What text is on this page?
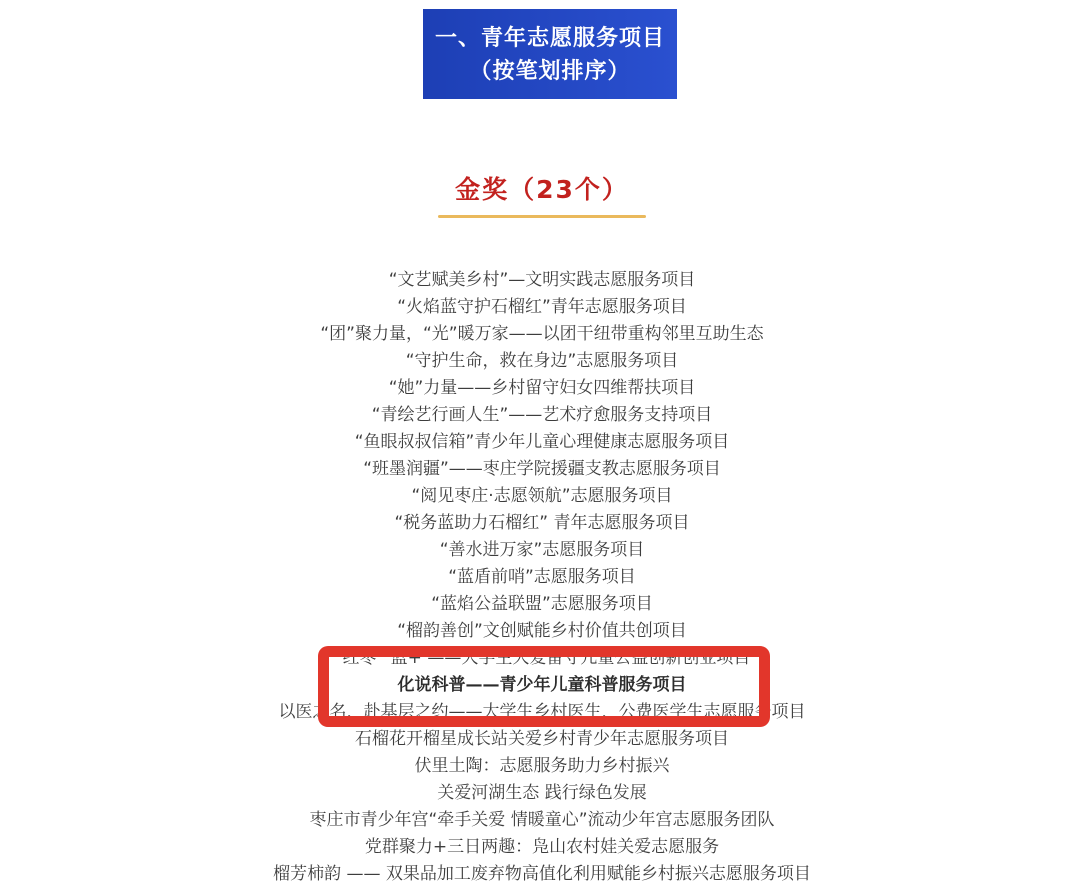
一、青年志愿服务项目
（按笔划排序）
金奖（23个）
“文艺赋美乡村”—文明实践志愿服务项目
“火焰蓝守护石榴红”青年志愿服务项目
“团”聚力量，“光”暖万家——以团干纽带重构邻里互助生态
“守护生命，救在身边”志愿服务项目
“她”力量——乡村留守妇女四维帮扶项目
“青绘艺行画人生”——艺术疗愈服务支持项目
“鱼眼叔叔信箱”青少年儿童心理健康志愿服务项目
“班墨润疆”——枣庄学院援疆支教志愿服务项目
“阅见枣庄·志愿领航”志愿服务项目
“税务蓝助力石榴红” 青年志愿服务项目
“善水进万家”志愿服务项目
“蓝盾前哨”志愿服务项目
“蓝焰公益联盟”志愿服务项目
“榴韵善创”文创赋能乡村价值共创项目
“红枣” 蓝+ ——大学生大爱留守儿童公益创新创业项目
化说科普——青少年儿童科普服务项目
以医之名，赴基层之约——大学生乡村医生，公费医学生志愿服务项目
石榴花开榴星成长站关爱乡村青少年志愿服务项目
伏里土陶：志愿服务助力乡村振兴
关爱河湖生态 践行绿色发展
枣庄市青少年宫“牵手关爱 情暖童心”流动少年宫志愿服务团队
党群聚力+三日两趣：凫山农村娃关爱志愿服务
榴芳柿韵 —— 双果品加工废弃物高值化利用赋能乡村振兴志愿服务项目
